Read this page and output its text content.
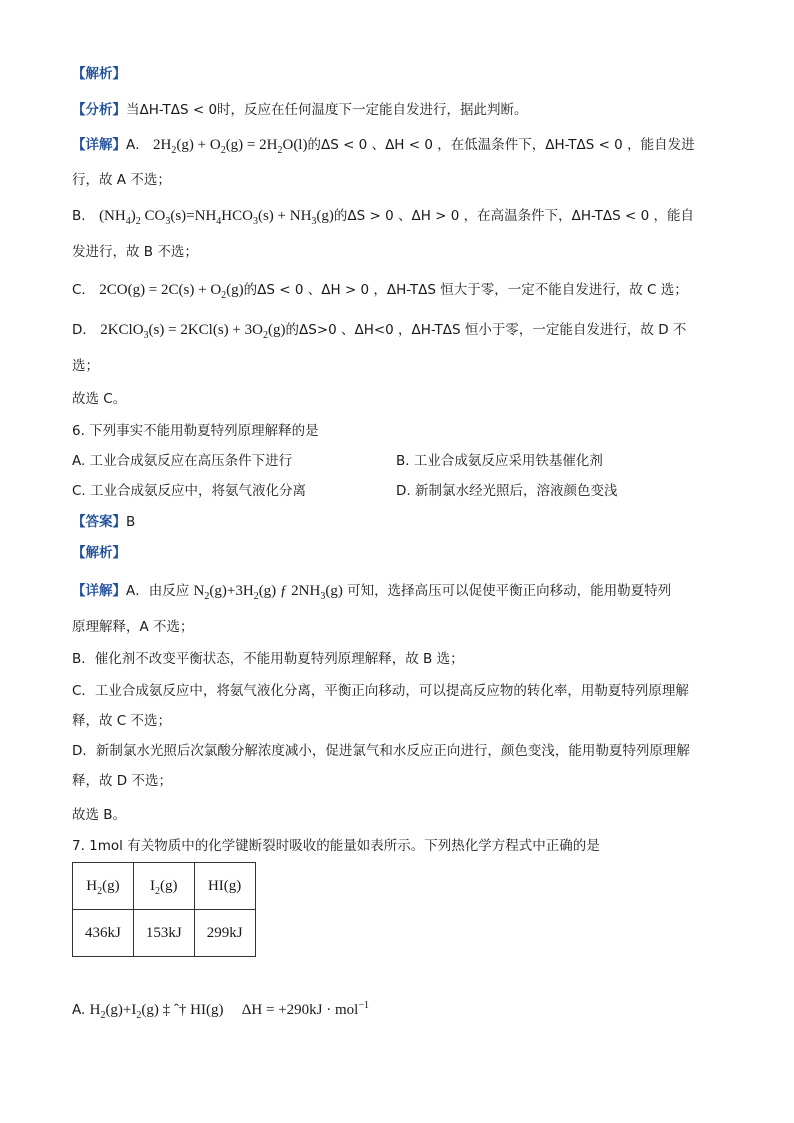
【解析】
【分析】当ΔH-TΔS < 0时，反应在任何温度下一定能自发进行，据此判断。
【详解】A． $2H_2(g) + O_2(g) = 2H_2O(l)$的ΔS < 0 、ΔH < 0 ，在低温条件下，ΔH-TΔS < 0 ，能自发进
行，故 A 不选；
B． $(NH_4)_2$ $CO_3(s)=NH_4HCO_3(s) + NH_3(g)$的ΔS > 0 、ΔH > 0 ，在高温条件下，ΔH-TΔS < 0 ，能自
发进行，故 B 不选；
C． $2CO(g) = 2C(s) + O_2(g)$的ΔS < 0 、ΔH > 0 ，ΔH-TΔS 恒大于零，一定不能自发进行，故 C 选；
D． 2KClO$_3$(s) = $2KCl(s) + 3O_2(g)$的ΔS>0 、ΔH<0 ，ΔH-TΔS 恒小于零，一定能自发进行，故 D 不
选；
故选 C。
6. 下列事实不能用勒夏特列原理解释的是
A. 工业合成氨反应在高压条件下进行	B. 工业合成氨反应采用铁基催化剂
C. 工业合成氨反应中，将氨气液化分离	D. 新制氯水经光照后，溶液颜色变浅
【答案】B
【解析】
【详解】A．由反应 $N_2(g)+3H_2(g)$ ƒ $2NH_3(g)$ 可知，选择高压可以促使平衡正向移动，能用勒夏特列
原理解释，A 不选；
B．催化剂不改变平衡状态，不能用勒夏特列原理解释，故 B 选；
C．工业合成氨反应中，将氨气液化分离，平衡正向移动，可以提高反应物的转化率，用勒夏特列原理解
释，故 C 不选；
D．新制氯水光照后次氯酸分解浓度减小，促进氯气和水反应正向进行，颜色变浅，能用勒夏特列原理解
释，故 D 不选；
故选 B。
7. 1mol 有关物质中的化学键断裂时吸收的能量如表所示。下列热化学方程式中正确的是
$H_2(g)$	$I_2(g)$	HI(g)
436kJ	153kJ	299kJ
A. $H_2(g)+I_2(g)$ ‡ ˆ† HI(g) ΔH = +290kJ · mol$^{-1}$
